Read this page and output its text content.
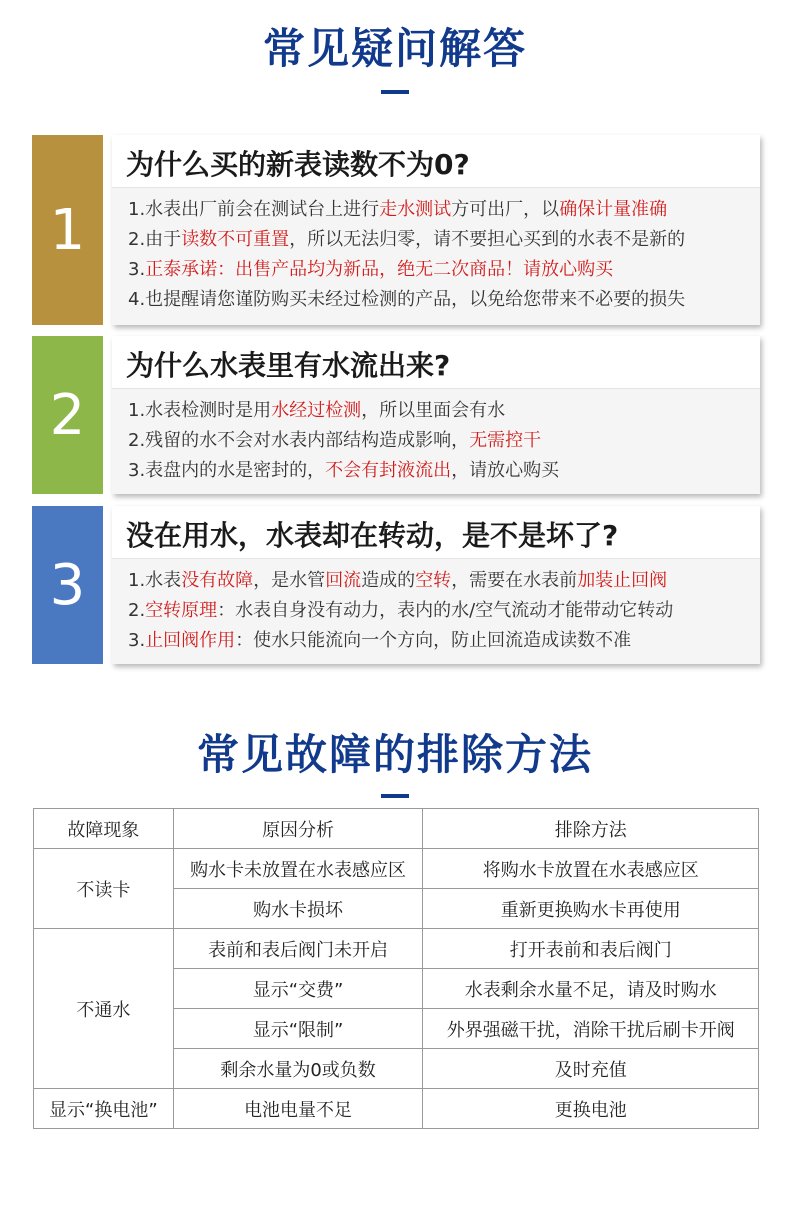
常见疑问解答
1
为什么买的新表读数不为0?
1.水表出厂前会在测试台上进行走水测试方可出厂，以确保计量准确
2.由于读数不可重置，所以无法归零，请不要担心买到的水表不是新的
3.正泰承诺：出售产品均为新品，绝无二次商品！请放心购买
4.也提醒请您谨防购买未经过检测的产品，以免给您带来不必要的损失
2
为什么水表里有水流出来?
1.水表检测时是用水经过检测，所以里面会有水
2.残留的水不会对水表内部结构造成影响，无需控干
3.表盘内的水是密封的，不会有封液流出，请放心购买
3
没在用水，水表却在转动，是不是坏了?
1.水表没有故障，是水管回流造成的空转，需要在水表前加装止回阀
2.空转原理：水表自身没有动力，表内的水/空气流动才能带动它转动
3.止回阀作用：使水只能流向一个方向，防止回流造成读数不准
常见故障的排除方法
故障现象	原因分析	排除方法
不读卡	购水卡未放置在水表感应区	将购水卡放置在水表感应区
	购水卡损坏	重新更换购水卡再使用
不通水	表前和表后阀门未开启	打开表前和表后阀门
	显示“交费”	水表剩余水量不足，请及时购水
	显示“限制”	外界强磁干扰，消除干扰后刷卡开阀
	剩余水量为0或负数	及时充值
显示“换电池”	电池电量不足	更换电池
